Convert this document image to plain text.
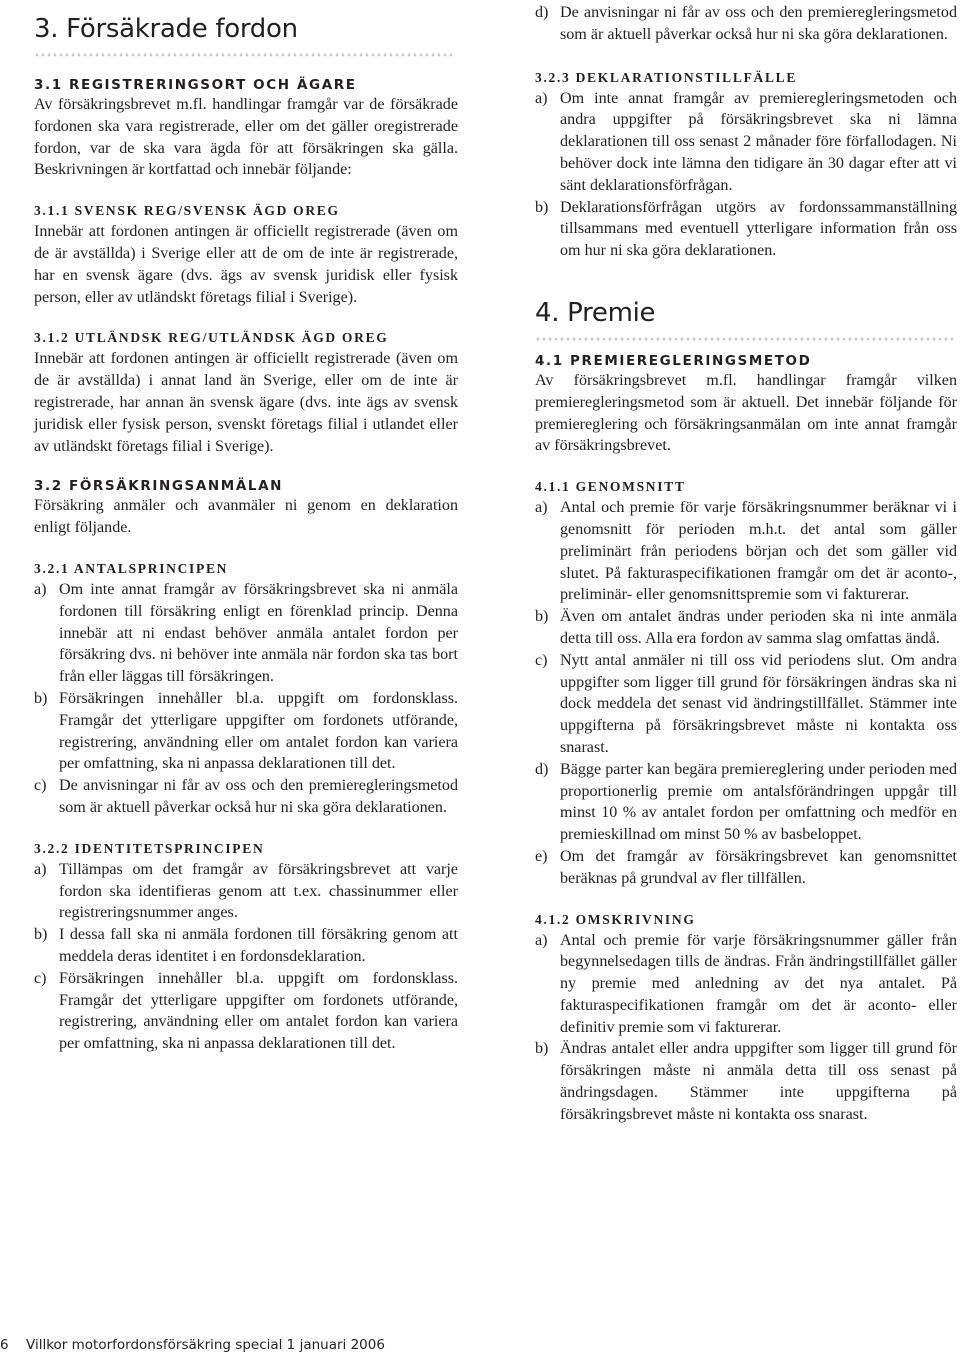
3. Försäkrade fordon
3.1 REGISTRERINGSORT OCH ÄGARE

Av försäkringsbrevet m.fl. handlingar framgår var de försäkrade fordonen ska vara registrerade, eller om det gäller oregistrerade fordon, var de ska vara ägda för att försäkringen ska gälla. Beskrivningen är kortfattad och innebär följande:

3.1.1 SVENSK REG/SVENSK ÄGD OREG

Innebär att fordonen antingen är officiellt registrerade (även om de är avställda) i Sverige eller att de om de inte är registrerade, har en svensk ägare (dvs. ägs av svensk juridisk eller fysisk person, eller av utländskt företags filial i Sverige).

3.1.2 UTLÄNDSK REG/UTLÄNDSK ÄGD OREG

Innebär att fordonen antingen är officiellt registrerade (även om de är avställda) i annat land än Sverige, eller om de inte är registrerade, har annan än svensk ägare (dvs. inte ägs av svensk juridisk eller fysisk person, svenskt företags filial i utlandet eller av utländskt företags filial i Sverige).

3.2 FÖRSÄKRINGSANMÄLAN

Försäkring anmäler och avanmäler ni genom en deklaration enligt följande.

3.2.1 ANTALSPRINCIPEN
a) Om inte annat framgår av försäkringsbrevet ska ni anmäla fordonen till försäkring enligt en förenklad princip. Denna innebär att ni endast behöver anmäla antalet fordon per försäkring dvs. ni behöver inte anmäla när fordon ska tas bort från eller läggas till försäkringen.
b) Försäkringen innehåller bl.a. uppgift om fordonsklass. Framgår det ytterligare uppgifter om fordonets utförande, registrering, användning eller om antalet fordon kan variera per omfattning, ska ni anpassa deklarationen till det.
c) De anvisningar ni får av oss och den premieregleringsmetod som är aktuell påverkar också hur ni ska göra deklarationen.
3.2.2 IDENTITETSPRINCIPEN
a) Tillämpas om det framgår av försäkringsbrevet att varje fordon ska identifieras genom att t.ex. chassinummer eller registreringsnummer anges.
b) I dessa fall ska ni anmäla fordonen till försäkring genom att meddela deras identitet i en fordonsdeklaration.
c) Försäkringen innehåller bl.a. uppgift om fordonsklass. Framgår det ytterligare uppgifter om fordonets utförande, registrering, användning eller om antalet fordon kan variera per omfattning, ska ni anpassa deklarationen till det.
d) De anvisningar ni får av oss och den premieregleringsmetod som är aktuell påverkar också hur ni ska göra deklarationen.
3.2.3 DEKLARATIONSTILLFÄLLE
a) Om inte annat framgår av premieregleringsmetoden och andra uppgifter på försäkringsbrevet ska ni lämna deklarationen till oss senast 2 månader före förfallodagen. Ni behöver dock inte lämna den tidigare än 30 dagar efter att vi sänt deklarationsförfrågan.
b) Deklarationsförfrågan utgörs av fordonssammanställning tillsammans med eventuell ytterligare information från oss om hur ni ska göra deklarationen.
4. Premie
4.1 PREMIEREGLERINGSMETOD

Av försäkringsbrevet m.fl. handlingar framgår vilken premieregleringsmetod som är aktuell. Det innebär följande för premiereglering och försäkringsanmälan om inte annat framgår av försäkringsbrevet.

4.1.1 GENOMSNITT
a) Antal och premie för varje försäkringsnummer beräknar vi i genomsnitt för perioden m.h.t. det antal som gäller preliminärt från periodens början och det som gäller vid slutet. På fakturaspecifikationen framgår om det är aconto-, preliminär- eller genomsnittspremie som vi fakturerar.
b) Även om antalet ändras under perioden ska ni inte anmäla detta till oss. Alla era fordon av samma slag omfattas ändå.
c) Nytt antal anmäler ni till oss vid periodens slut. Om andra uppgifter som ligger till grund för försäkringen ändras ska ni dock meddela det senast vid ändringstillfället. Stämmer inte uppgifterna på försäkringsbrevet måste ni kontakta oss snarast.
d) Bägge parter kan begära premiereglering under perioden med proportionerlig premie om antalsförändringen uppgår till minst 10 % av antalet fordon per omfattning och medför en premieskillnad om minst 50 % av basbeloppet.
e) Om det framgår av försäkringsbrevet kan genomsnittet beräknas på grundval av fler tillfällen.
4.1.2 OMSKRIVNING
a) Antal och premie för varje försäkringsnummer gäller från begynnelsedagen tills de ändras. Från ändringstillfället gäller ny premie med anledning av det nya antalet. På fakturaspecifikationen framgår om det är aconto- eller definitiv premie som vi fakturerar.
b) Ändras antalet eller andra uppgifter som ligger till grund för försäkringen måste ni anmäla detta till oss senast på ändringsdagen. Stämmer inte uppgifterna på försäkringsbrevet måste ni kontakta oss snarast.
6 Villkor motorfordonsförsäkring special 1 januari 2006
